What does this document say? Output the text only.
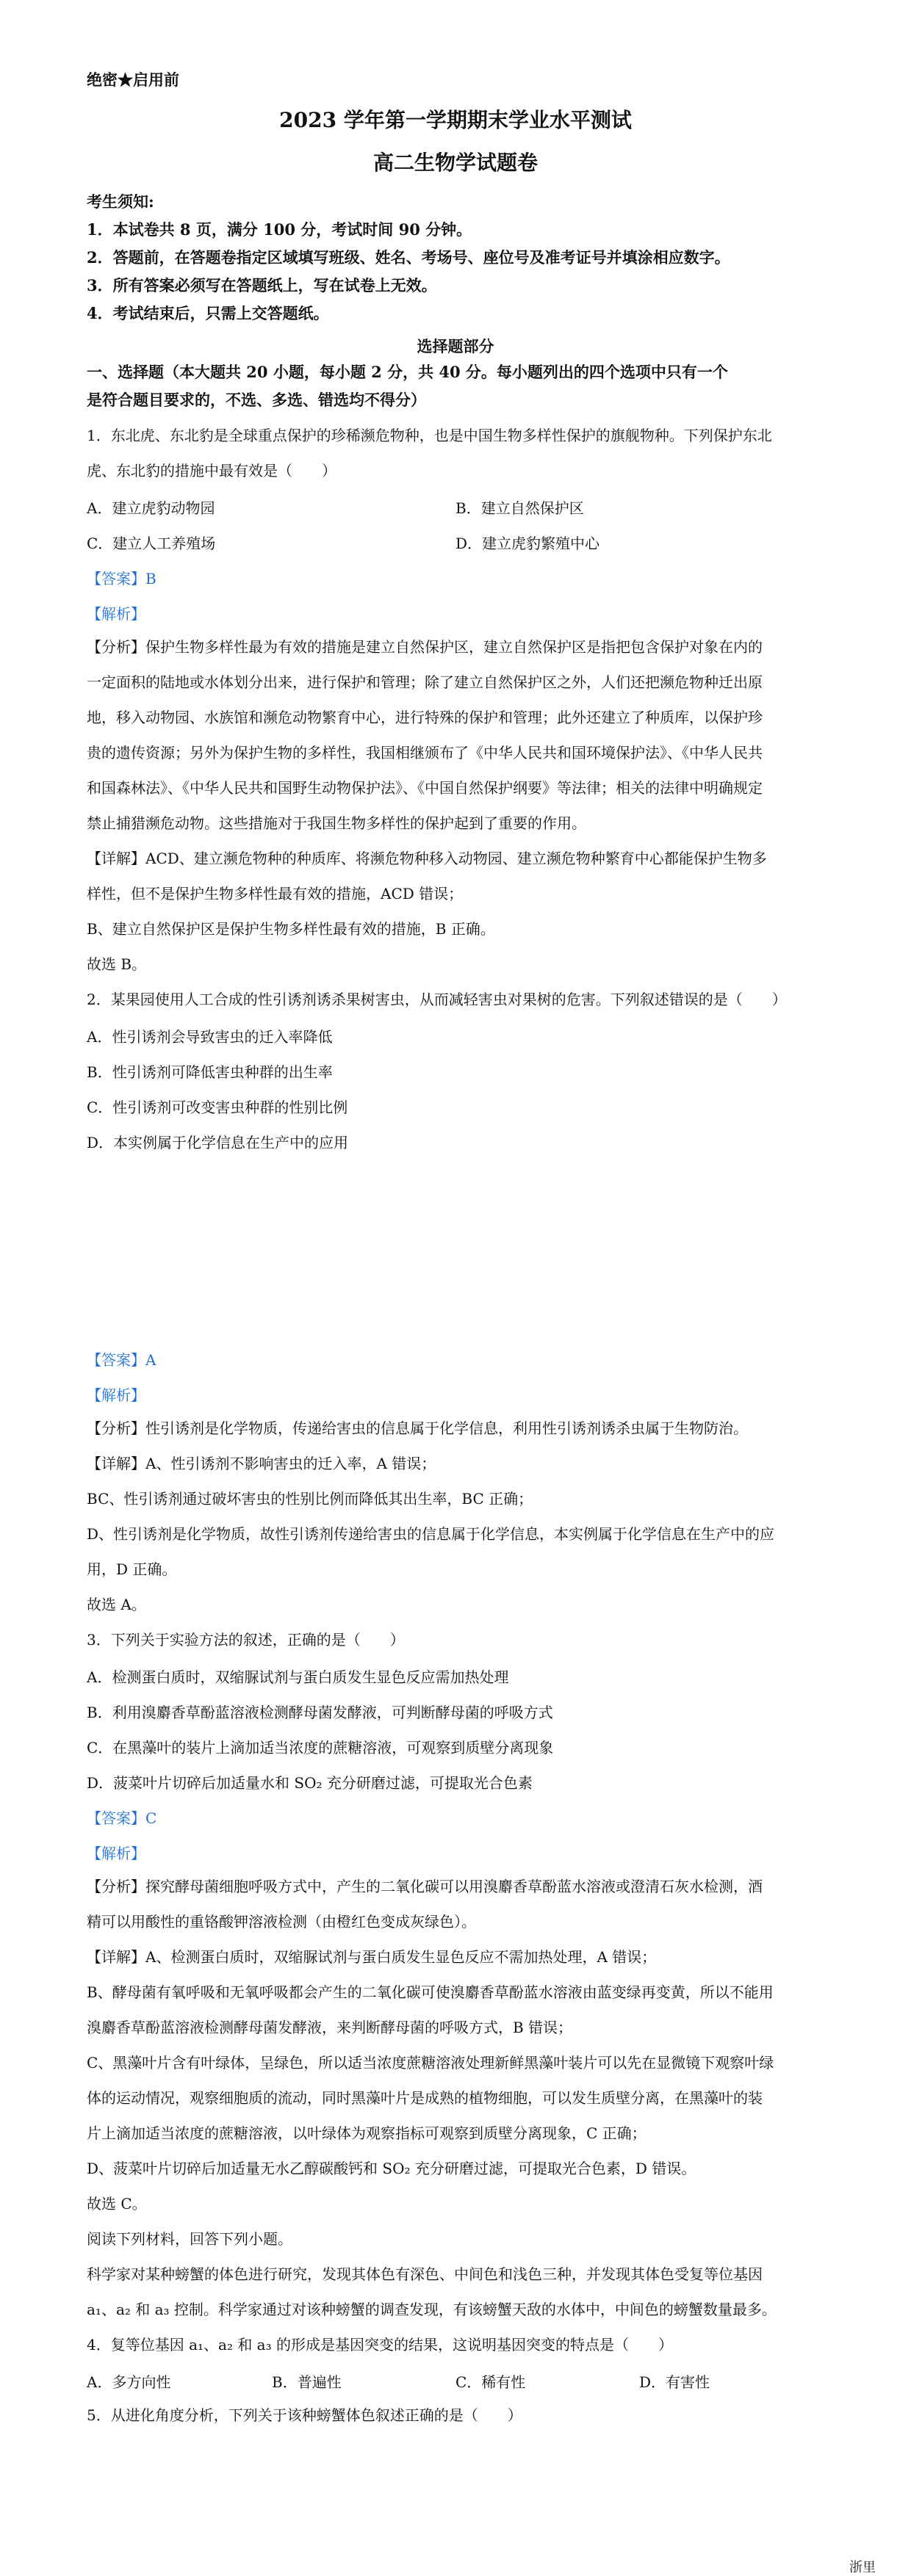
绝密★启用前
2023 学年第一学期期末学业水平测试
高二生物学试题卷
考生须知:
1．本试卷共 8 页，满分 100 分，考试时间 90 分钟。
2．答题前，在答题卷指定区域填写班级、姓名、考场号、座位号及准考证号并填涂相应数字。
3．所有答案必须写在答题纸上，写在试卷上无效。
4．考试结束后，只需上交答题纸。
选择题部分
一、选择题（本大题共 20 小题，每小题 2 分，共 40 分。每小题列出的四个选项中只有一个
是符合题目要求的，不选、多选、错选均不得分）
1．东北虎、东北豹是全球重点保护的珍稀濒危物种，也是中国生物多样性保护的旗舰物种。下列保护东北
虎、东北豹的措施中最有效是（　　）
A．建立虎豹动物园	B．建立自然保护区
C．建立人工养殖场	D．建立虎豹繁殖中心
【答案】B
【解析】
【分析】保护生物多样性最为有效的措施是建立自然保护区，建立自然保护区是指把包含保护对象在内的
一定面积的陆地或水体划分出来，进行保护和管理；除了建立自然保护区之外，人们还把濒危物种迁出原
地，移入动物园、水族馆和濒危动物繁育中心，进行特殊的保护和管理；此外还建立了种质库，以保护珍
贵的遗传资源；另外为保护生物的多样性，我国相继颁布了《中华人民共和国环境保护法》、《中华人民共
和国森林法》、《中华人民共和国野生动物保护法》、《中国自然保护纲要》等法律；相关的法律中明确规定
禁止捕猎濒危动物。这些措施对于我国生物多样性的保护起到了重要的作用。
【详解】ACD、建立濒危物种的种质库、将濒危物种移入动物园、建立濒危物种繁育中心都能保护生物多
样性，但不是保护生物多样性最有效的措施，ACD 错误；
B、建立自然保护区是保护生物多样性最有效的措施，B 正确。
故选 B。
2．某果园使用人工合成的性引诱剂诱杀果树害虫，从而减轻害虫对果树的危害。下列叙述错误的是（　　）
A．性引诱剂会导致害虫的迁入率降低
B．性引诱剂可降低害虫种群的出生率
C．性引诱剂可改变害虫种群的性别比例
D．本实例属于化学信息在生产中的应用
【答案】A
【解析】
【分析】性引诱剂是化学物质，传递给害虫的信息属于化学信息，利用性引诱剂诱杀虫属于生物防治。
【详解】A、性引诱剂不影响害虫的迁入率，A 错误；
BC、性引诱剂通过破坏害虫的性别比例而降低其出生率，BC 正确；
D、性引诱剂是化学物质，故性引诱剂传递给害虫的信息属于化学信息，本实例属于化学信息在生产中的应
用，D 正确。
故选 A。
3．下列关于实验方法的叙述，正确的是（　　）
A．检测蛋白质时，双缩脲试剂与蛋白质发生显色反应需加热处理
B．利用溴麝香草酚蓝溶液检测酵母菌发酵液，可判断酵母菌的呼吸方式
C．在黑藻叶的装片上滴加适当浓度的蔗糖溶液，可观察到质壁分离现象
D．菠菜叶片切碎后加适量水和 SO₂ 充分研磨过滤，可提取光合色素
【答案】C
【解析】
【分析】探究酵母菌细胞呼吸方式中，产生的二氧化碳可以用溴麝香草酚蓝水溶液或澄清石灰水检测，酒
精可以用酸性的重铬酸钾溶液检测（由橙红色变成灰绿色）。
【详解】A、检测蛋白质时，双缩脲试剂与蛋白质发生显色反应不需加热处理，A 错误；
B、酵母菌有氧呼吸和无氧呼吸都会产生的二氧化碳可使溴麝香草酚蓝水溶液由蓝变绿再变黄，所以不能用
溴麝香草酚蓝溶液检测酵母菌发酵液，来判断酵母菌的呼吸方式，B 错误；
C、黑藻叶片含有叶绿体，呈绿色，所以适当浓度蔗糖溶液处理新鲜黑藻叶装片可以先在显微镜下观察叶绿
体的运动情况，观察细胞质的流动，同时黑藻叶片是成熟的植物细胞，可以发生质壁分离，在黑藻叶的装
片上滴加适当浓度的蔗糖溶液，以叶绿体为观察指标可观察到质壁分离现象，C 正确；
D、菠菜叶片切碎后加适量无水乙醇碳酸钙和 SO₂ 充分研磨过滤，可提取光合色素，D 错误。
故选 C。
阅读下列材料，回答下列小题。
科学家对某种螃蟹的体色进行研究，发现其体色有深色、中间色和浅色三种，并发现其体色受复等位基因
a₁、a₂ 和 a₃ 控制。科学家通过对该种螃蟹的调查发现，有该螃蟹天敌的水体中，中间色的螃蟹数量最多。
4．复等位基因 a₁、a₂ 和 a₃ 的形成是基因突变的结果，这说明基因突变的特点是（　　）
A．多方向性	B．普遍性	C．稀有性	D．有害性
5．从进化角度分析，下列关于该种螃蟹体色叙述正确的是（　　）
浙里
